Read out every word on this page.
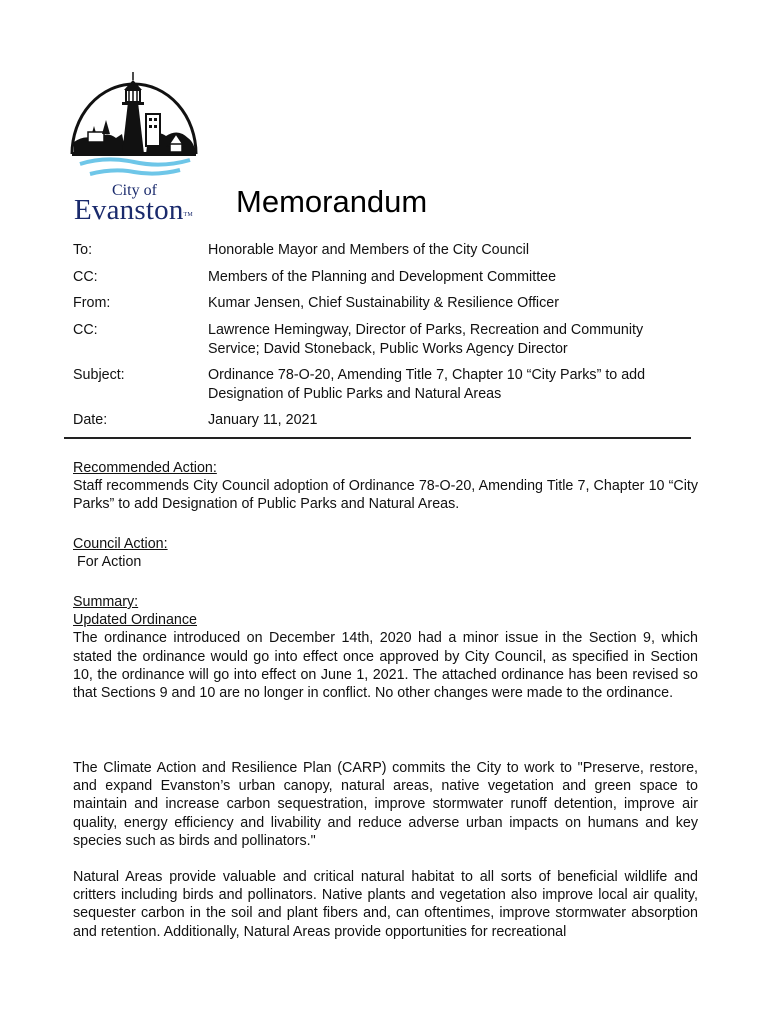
City of
Evanston™ Memorandum
To:	Honorable Mayor and Members of the City Council
CC:	Members of the Planning and Development Committee
From:	Kumar Jensen, Chief Sustainability & Resilience Officer
CC:	Lawrence Hemingway, Director of Parks, Recreation and Community Service; David Stoneback, Public Works Agency Director
Subject:	Ordinance 78-O-20, Amending Title 7, Chapter 10 “City Parks” to add Designation of Public Parks and Natural Areas
Date:	January 11, 2021
Recommended Action:
Staff recommends City Council adoption of Ordinance 78-O-20, Amending Title 7, Chapter 10 “City Parks” to add Designation of Public Parks and Natural Areas.
Council Action:
For Action
Summary:
Updated Ordinance

The ordinance introduced on December 14th, 2020 had a minor issue in the Section 9, which stated the ordinance would go into effect once approved by City Council, as specified in Section 10, the ordinance will go into effect on June 1, 2021. The attached ordinance has been revised so that Sections 9 and 10 are no longer in conflict. No other changes were made to the ordinance.

The Climate Action and Resilience Plan (CARP) commits the City to work to "Preserve, restore, and expand Evanston’s urban canopy, natural areas, native vegetation and green space to maintain and increase carbon sequestration, improve stormwater runoff detention, improve air quality, energy efficiency and livability and reduce adverse urban impacts on humans and key species such as birds and pollinators."
Natural Areas provide valuable and critical natural habitat to all sorts of beneficial wildlife and critters including birds and pollinators. Native plants and vegetation also improve local air quality, sequester carbon in the soil and plant fibers and, can oftentimes, improve stormwater absorption and retention. Additionally, Natural Areas provide opportunities for recreational
